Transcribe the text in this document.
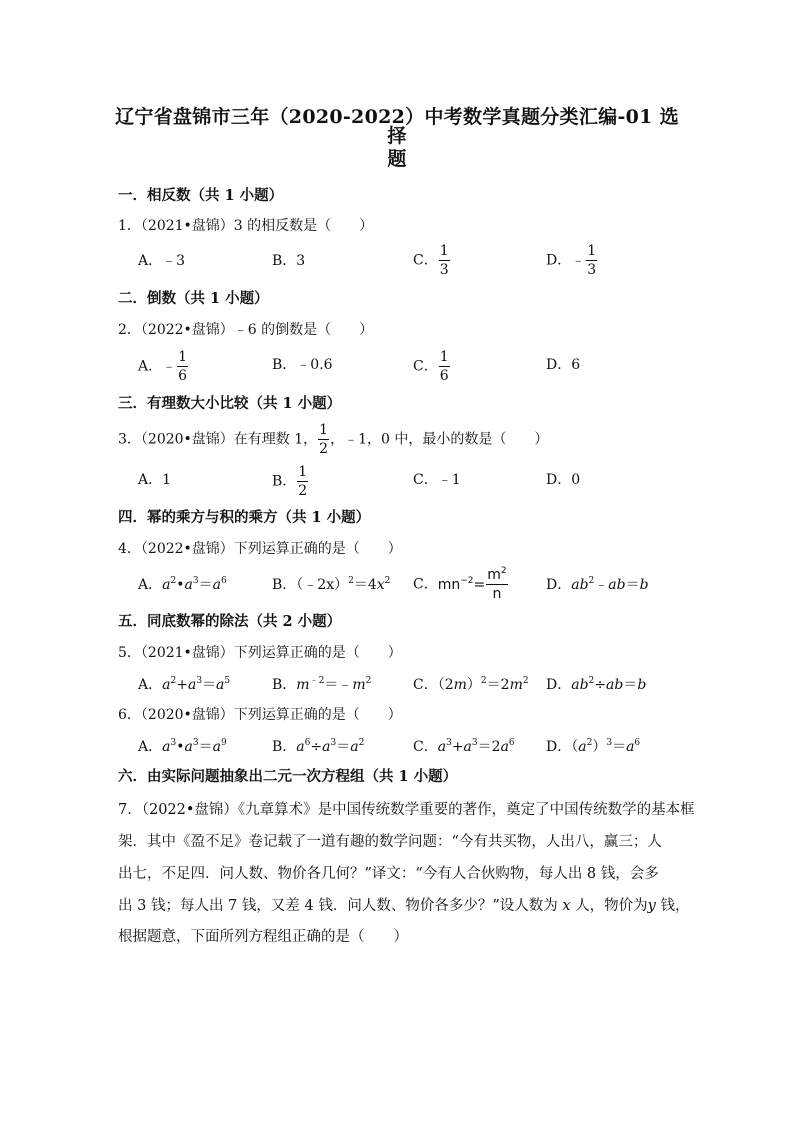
辽宁省盘锦市三年（2020-2022）中考数学真题分类汇编-01 选择
题
一．相反数（共 1 小题）
1．（2021•盘锦）3 的相反数是（　　）
A．﹣3	B．3	C． $\frac{1}{3}$	D．﹣ $\frac{1}{3}$
二．倒数（共 1 小题）
2．（2022•盘锦）﹣6 的倒数是（　　）
A．﹣ $\frac{1}{6}$	B．﹣0.6	C． $\frac{1}{6}$	D．6
三．有理数大小比较（共 1 小题）
3．（2020•盘锦）在有理数 1， $\frac{1}{2}$ ，﹣1，0 中，最小的数是（　　）
A．1	B． $\frac{1}{2}$	C．﹣1	D．0
四．幂的乘方与积的乘方（共 1 小题）
4．（2022•盘锦）下列运算正确的是（　　）
A．$a^2•a^3=a^6$	B．$(﹣2x)^2=4x^2$ C．$mn^{-2}= \frac{m^2}{n}$	D．$ab^2﹣ab=b$
五．同底数幂的除法（共 2 小题）
5．（2021•盘锦）下列运算正确的是（　　）
A．$a^2+a^3=a^5$	B．$m^{﹣2}=﹣m^2$	C．$(2m)^2=2m^2$ D．$ab^2\div ab=b$
6．（2020•盘锦）下列运算正确的是（　　）
A．$a^3•a^3=a^9$	B．$a^6\div a^3=a^2$	C．$a^3+a^3=2a^6$ D．$(a^2)^3=a^6$
六．由实际问题抽象出二元一次方程组（共 1 小题）
7．（2022•盘锦）《九章算术》是中国传统数学重要的著作，奠定了中国传统数学的基本框
架．其中《盈不足》卷记载了一道有趣的数学问题：“今有共买物，人出八，赢三；人
出七，不足四．问人数、物价各几何？”译文：“今有人合伙购物，每人出 8 钱，会多
出 3 钱；每人出 7 钱，又差 4 钱．问人数、物价各多少？”设人数为 x 人，物价为y 钱，
根据题意，下面所列方程组正确的是（　　）
